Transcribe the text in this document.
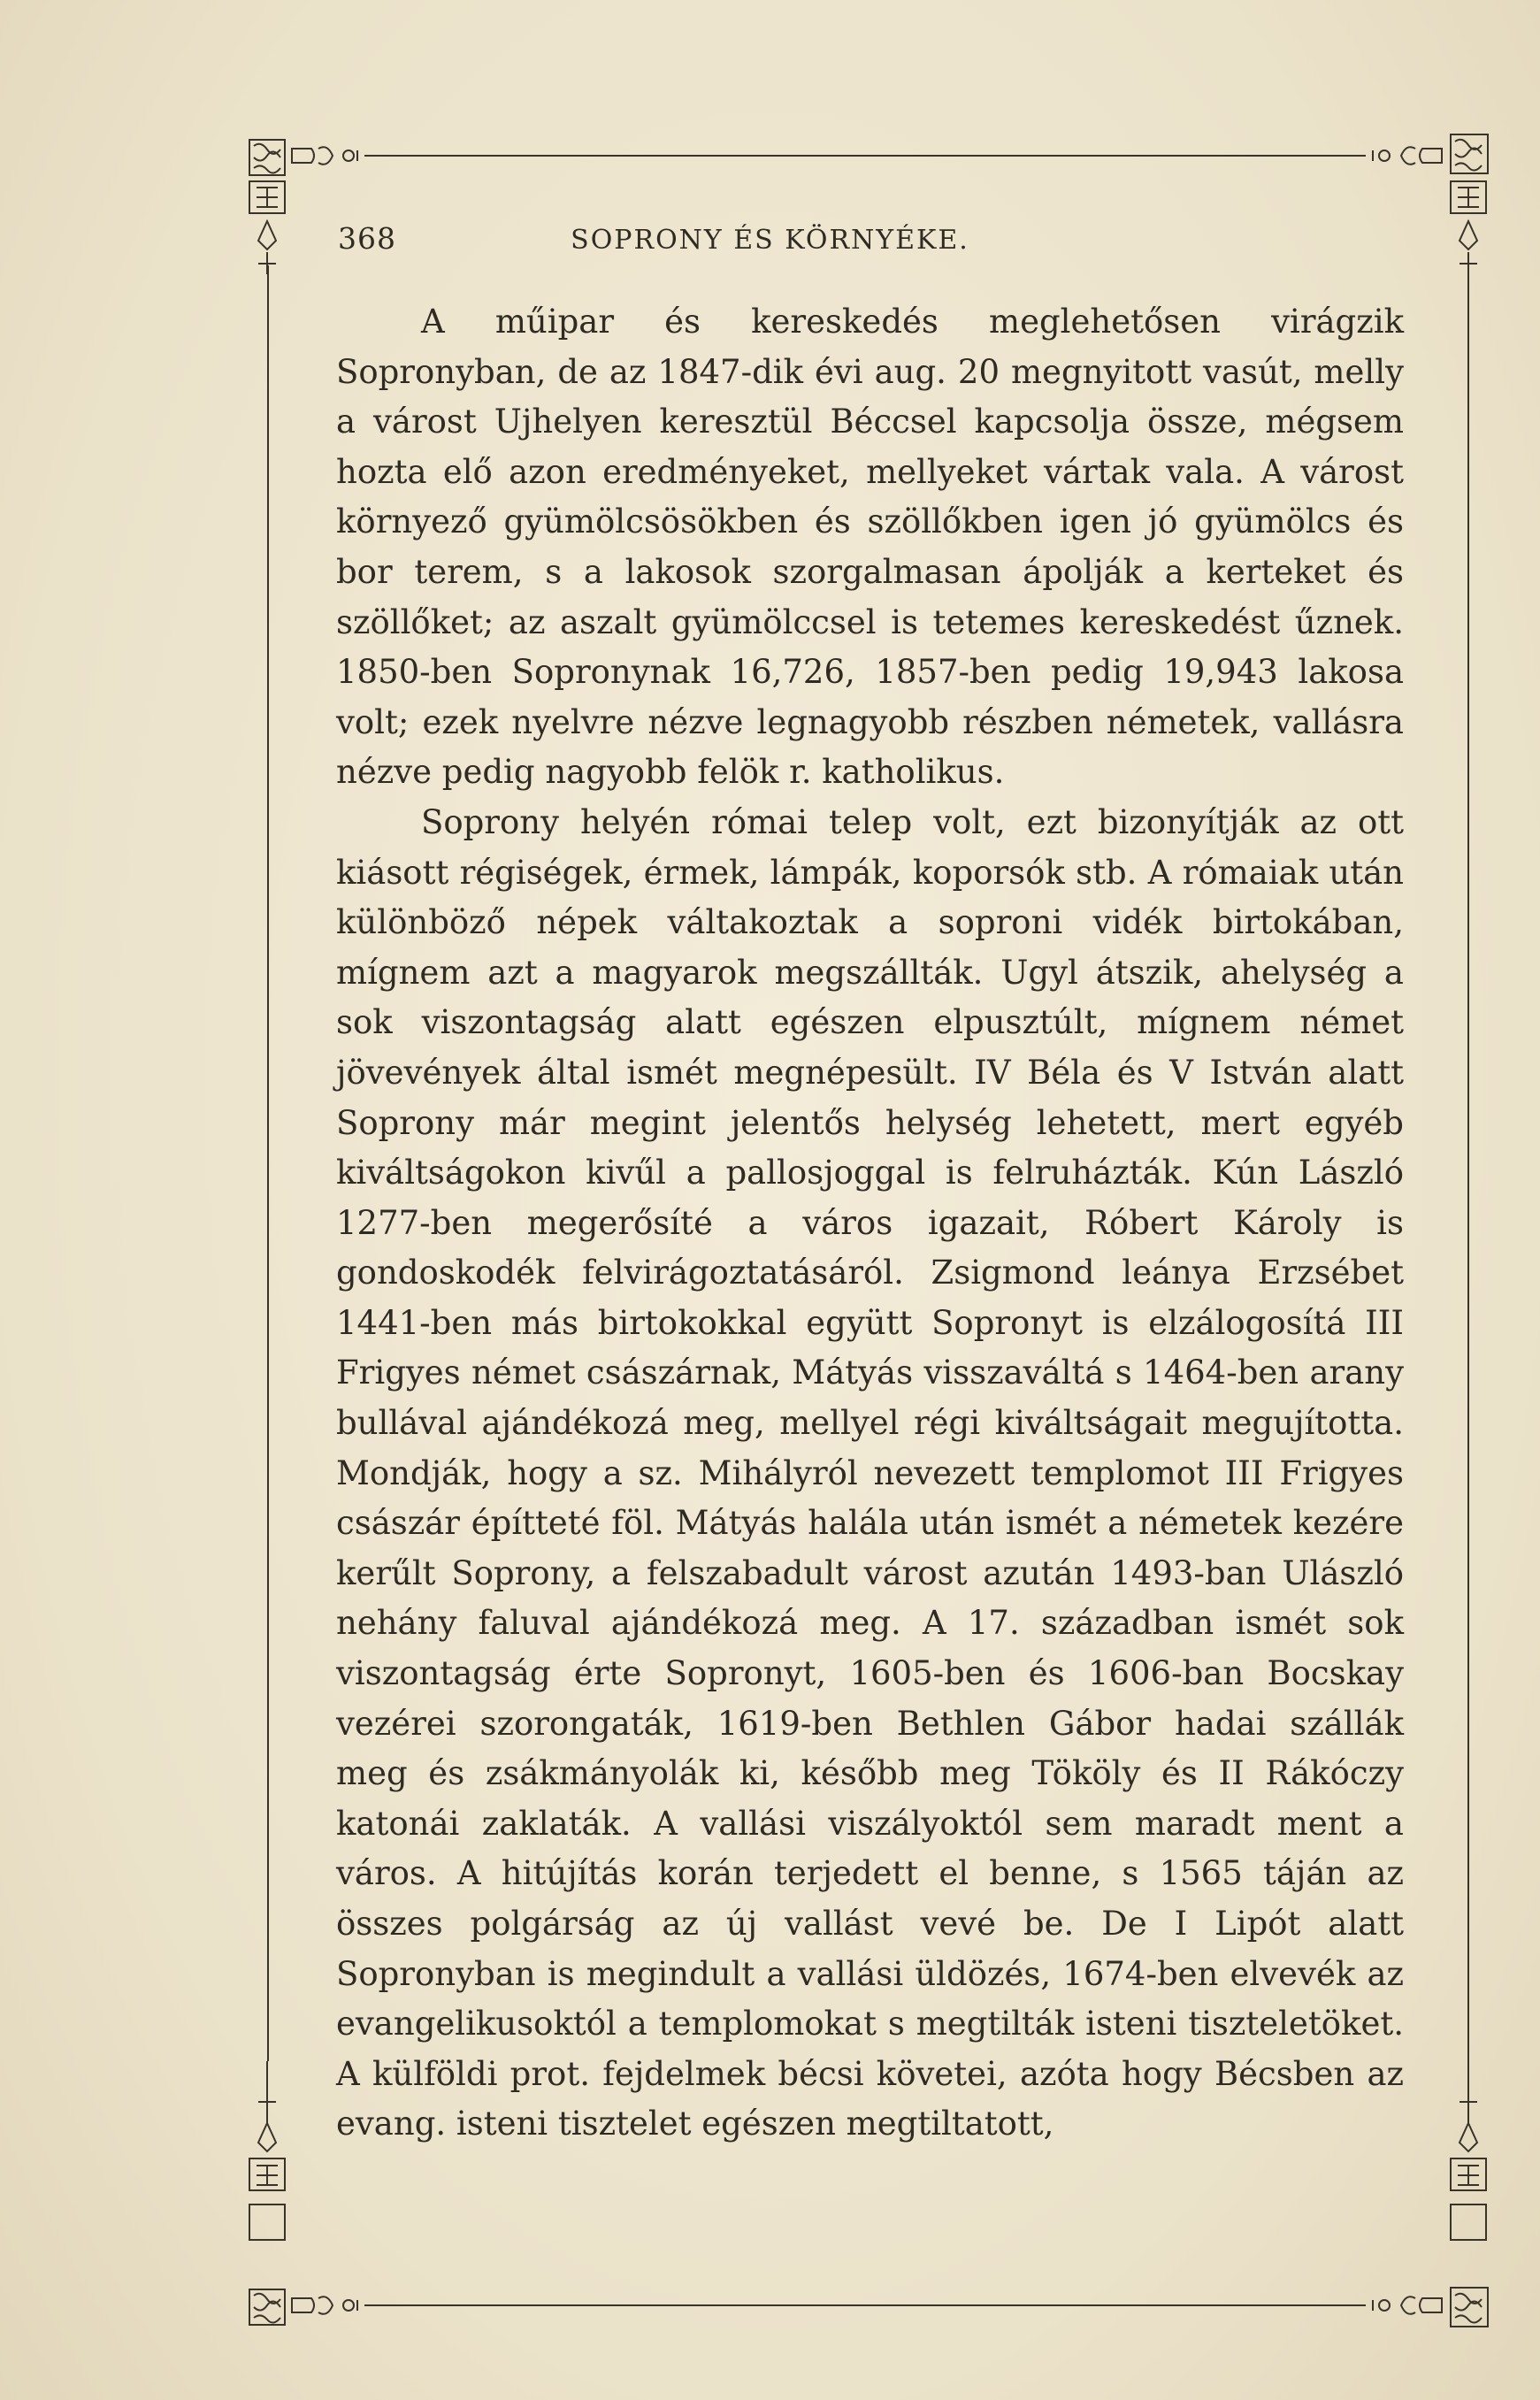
368	SOPRONY ÉS KÖRNYÉKE.

A műipar és kereskedés meglehetősen virágzik Sopronyban, de az 1847-dik évi aug. 20 megnyitott vasút, melly a várost Ujhelyen keresztül Béccsel kapcsolja össze, mégsem hozta elő azon eredményeket, mellyeket vártak vala. A várost környező gyümölcsösökben és szöllőkben igen jó gyümölcs és bor terem, s a lakosok szorgalmasan ápolják a kerteket és szöllőket; az aszalt gyümölccsel is tetemes kereskedést űznek. 1850-ben Sopronynak 16,726, 1857-ben pedig 19,943 lakosa volt; ezek nyelvre nézve legnagyobb részben németek, vallásra nézve pedig nagyobb felök r. katholikus.

Soprony helyén római telep volt, ezt bizonyítják az ott kiásott régiségek, érmek, lámpák, koporsók stb. A rómaiak után különböző népek váltakoztak a soproni vidék birtokában, mígnem azt a magyarok megszállták. Ugyl átszik, ahelység a sok viszontagság alatt egészen elpusztúlt, mígnem német jövevények által ismét megnépesült. IV Béla és V István alatt Soprony már megint jelentős helység lehetett, mert egyéb kiváltságokon kivűl a pallosjoggal is felruházták. Kún László 1277-ben megerősíté a város igazait, Róbert Károly is gondoskodék felvirágoztatásáról. Zsigmond leánya Erzsébet 1441-ben más birtokokkal együtt Sopronyt is elzálogosítá III Frigyes német császárnak, Mátyás visszaváltá s 1464-ben arany bullával ajándékozá meg, mellyel régi kiváltságait megujította. Mondják, hogy a sz. Mihályról nevezett templomot III Frigyes császár építteté föl. Mátyás halála után ismét a németek kezére kerűlt Soprony, a felszabadult várost azután 1493-ban Ulászló nehány faluval ajándékozá meg. A 17. században ismét sok viszontagság érte Sopronyt, 1605-ben és 1606-ban Bocskay vezérei szorongaták, 1619-ben Bethlen Gábor hadai szállák meg és zsákmányolák ki, később meg Tököly és II Rákóczy katonái zaklaták. A vallási viszályoktól sem maradt ment a város. A hitújítás korán terjedett el benne, s 1565 táján az összes polgárság az új vallást vevé be. De I Lipót alatt Sopronyban is megindult a vallási üldözés, 1674-ben elvevék az evangelikusoktól a templomokat s megtilták isteni tiszteletöket. A külföldi prot. fejdelmek bécsi követei, azóta hogy Bécsben az evang. isteni tisztelet egészen megtiltatott,
